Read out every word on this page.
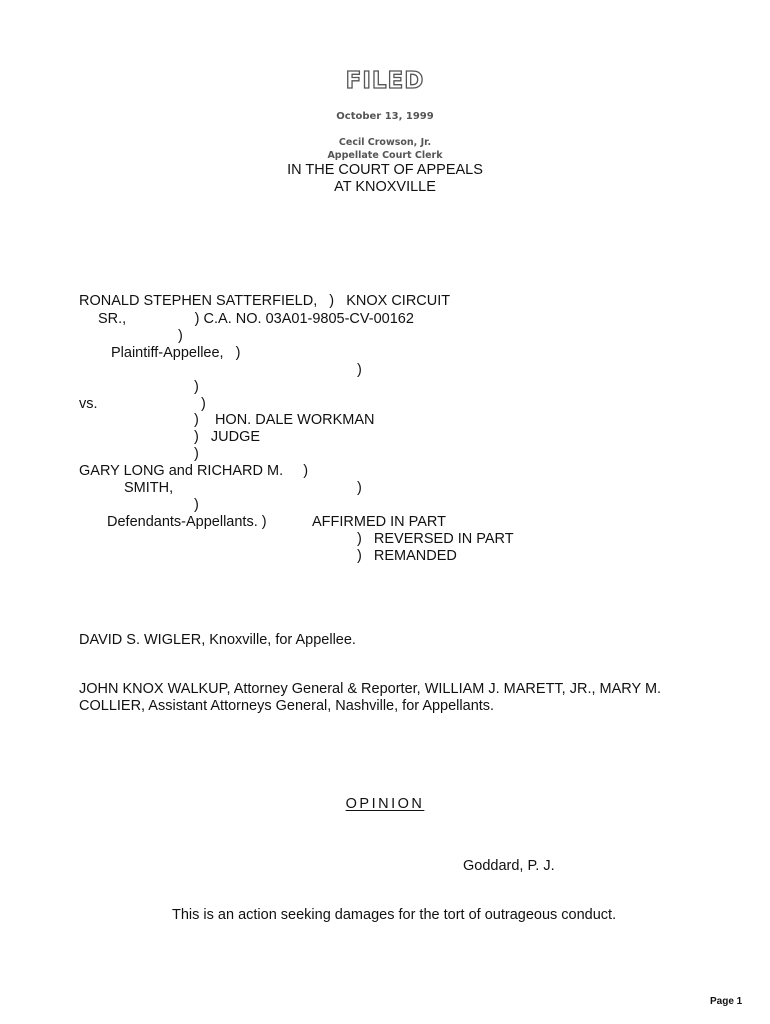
FILED
October 13, 1999
Cecil Crowson, Jr.
Appellate Court Clerk
IN THE COURT OF APPEALS
AT KNOXVILLE
RONALD STEPHEN SATTERFIELD,   )   KNOX CIRCUIT
SR.,                 ) C.A. NO. 03A01-9805-CV-00162
)
Plaintiff-Appellee,   )
)
)
vs.	)
)    HON. DALE WORKMAN
)   JUDGE
)
GARY LONG and RICHARD M.     )
SMITH,	)
)
Defendants-Appellants. )	AFFIRMED IN PART
)   REVERSED IN PART
)   REMANDED
DAVID S. WIGLER, Knoxville, for Appellee.
JOHN KNOX WALKUP, Attorney General & Reporter, WILLIAM J. MARETT, JR., MARY M. COLLIER, Assistant Attorneys General, Nashville, for Appellants.
OPINION
Goddard, P. J.
This is an action seeking damages for the tort of outrageous conduct.
Page 1
